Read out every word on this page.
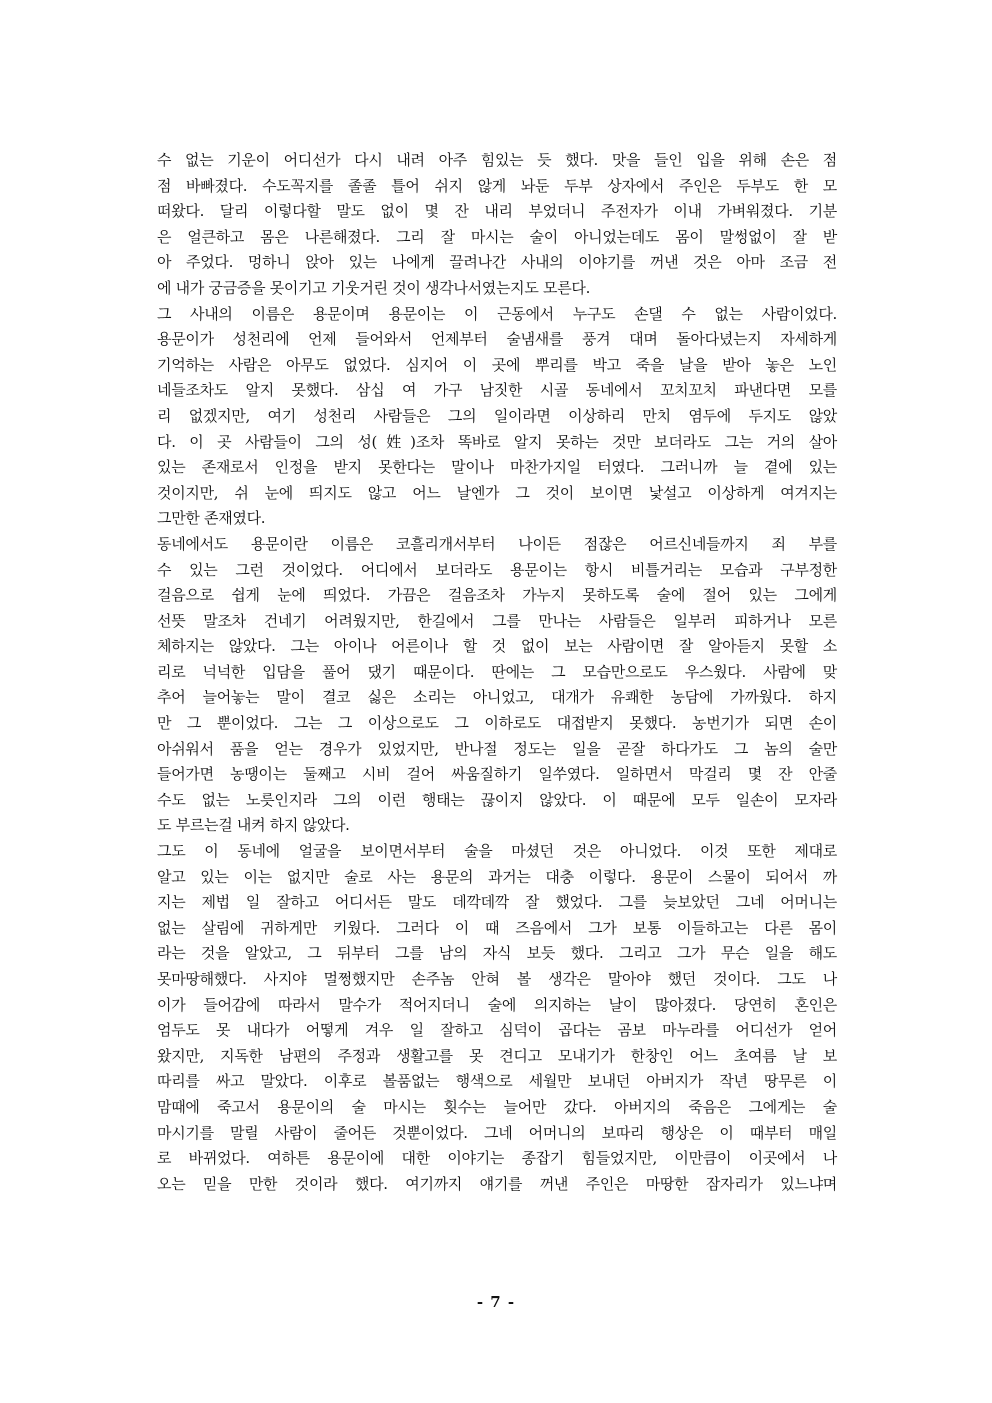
수 없는 기운이 어디선가 다시 내려 아주 힘있는 듯 했다. 맛을 들인 입을 위해 손은 점
점 바빠졌다. 수도꼭지를 졸졸 틀어 쉬지 않게 놔둔 두부 상자에서 주인은 두부도 한 모
떠왔다. 달리 이렇다할 말도 없이 몇 잔 내리 부었더니 주전자가 이내 가벼워졌다. 기분
은 얼큰하고 몸은 나른해졌다. 그리 잘 마시는 술이 아니었는데도 몸이 말썽없이 잘 받
아 주었다. 멍하니 앉아 있는 나에게 끌려나간 사내의 이야기를 꺼낸 것은 아마 조금 전
에 내가 궁금증을 못이기고 기웃거린 것이 생각나서였는지도 모른다.
그 사내의 이름은 용문이며 용문이는 이 근동에서 누구도 손댈 수 없는 사람이었다.
용문이가 성천리에 언제 들어와서 언제부터 술냄새를 풍겨 대며 돌아다녔는지 자세하게
기억하는 사람은 아무도 없었다. 심지어 이 곳에 뿌리를 박고 죽을 날을 받아 놓은 노인
네들조차도 알지 못했다. 삼십 여 가구 남짓한 시골 동네에서 꼬치꼬치 파낸다면 모를
리 없겠지만, 여기 성천리 사람들은 그의 일이라면 이상하리 만치 염두에 두지도 않았
다. 이 곳 사람들이 그의 성(姓)조차 똑바로 알지 못하는 것만 보더라도 그는 거의 살아
있는 존재로서 인정을 받지 못한다는 말이나 마찬가지일 터였다. 그러니까 늘 곁에 있는
것이지만, 쉬 눈에 띄지도 않고 어느 날엔가 그 것이 보이면 낯설고 이상하게 여겨지는
그만한 존재였다.
동네에서도 용문이란 이름은 코흘리개서부터 나이든 점잖은 어르신네들까지 죄 부를
수 있는 그런 것이었다. 어디에서 보더라도 용문이는 항시 비틀거리는 모습과 구부정한
걸음으로 쉽게 눈에 띄었다. 가끔은 걸음조차 가누지 못하도록 술에 절어 있는 그에게
선뜻 말조차 건네기 어려웠지만, 한길에서 그를 만나는 사람들은 일부러 피하거나 모른
체하지는 않았다. 그는 아이나 어른이나 할 것 없이 보는 사람이면 잘 알아듣지 못할 소
리로 넉넉한 입담을 풀어 댔기 때문이다. 딴에는 그 모습만으로도 우스웠다. 사람에 맞
추어 늘어놓는 말이 결코 싫은 소리는 아니었고, 대개가 유쾌한 농담에 가까웠다. 하지
만 그 뿐이었다. 그는 그 이상으로도 그 이하로도 대접받지 못했다. 농번기가 되면 손이
아쉬워서 품을 얻는 경우가 있었지만, 반나절 정도는 일을 곧잘 하다가도 그 놈의 술만
들어가면 농땡이는 둘째고 시비 걸어 싸움질하기 일쑤였다. 일하면서 막걸리 몇 잔 안줄
수도 없는 노릇인지라 그의 이런 행태는 끊이지 않았다. 이 때문에 모두 일손이 모자라
도 부르는걸 내켜 하지 않았다.
그도 이 동네에 얼굴을 보이면서부터 술을 마셨던 것은 아니었다. 이것 또한 제대로
알고 있는 이는 없지만 술로 사는 용문의 과거는 대충 이렇다. 용문이 스물이 되어서 까
지는 제법 일 잘하고 어디서든 말도 데깍데깍 잘 했었다. 그를 늦보았던 그네 어머니는
없는 살림에 귀하게만 키웠다. 그러다 이 때 즈음에서 그가 보통 이들하고는 다른 몸이
라는 것을 알았고, 그 뒤부터 그를 남의 자식 보듯 했다. 그리고 그가 무슨 일을 해도
못마땅해했다. 사지야 멀쩡했지만 손주놈 안혀 볼 생각은 말아야 했던 것이다. 그도 나
이가 들어감에 따라서 말수가 적어지더니 술에 의지하는 날이 많아졌다. 당연히 혼인은
엄두도 못 내다가 어떻게 겨우 일 잘하고 심덕이 곱다는 곰보 마누라를 어디선가 얻어
왔지만, 지독한 남편의 주정과 생활고를 못 견디고 모내기가 한창인 어느 초여름 날 보
따리를 싸고 말았다. 이후로 볼품없는 행색으로 세월만 보내던 아버지가 작년 땅무른 이
맘때에 죽고서 용문이의 술 마시는 횟수는 늘어만 갔다. 아버지의 죽음은 그에게는 술
마시기를 말릴 사람이 줄어든 것뿐이었다. 그네 어머니의 보따리 행상은 이 때부터 매일
로 바뀌었다. 여하튼 용문이에 대한 이야기는 종잡기 힘들었지만, 이만큼이 이곳에서 나
오는 믿을 만한 것이라 했다. 여기까지 얘기를 꺼낸 주인은 마땅한 잠자리가 있느냐며
- 7 -
